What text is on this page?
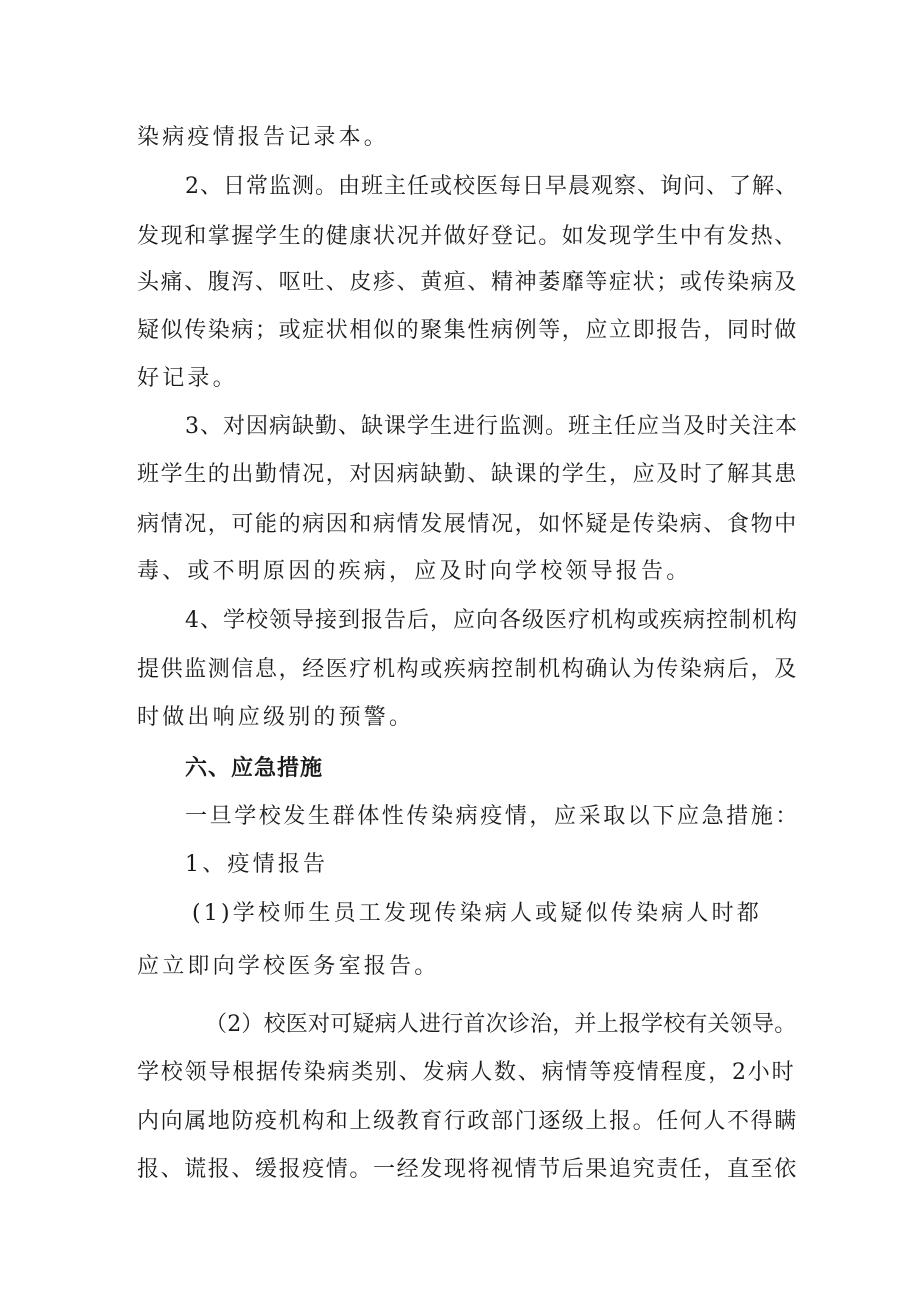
染病疫情报告记录本。
2、日常监测。由班主任或校医每日早晨观察、询问、了解、
发现和掌握学生的健康状况并做好登记。如发现学生中有发热、
头痛、腹泻、呕吐、皮疹、黄疸、精神萎靡等症状；或传染病及
疑似传染病；或症状相似的聚集性病例等，应立即报告，同时做
好记录。
3、对因病缺勤、缺课学生进行监测。班主任应当及时关注本
班学生的出勤情况，对因病缺勤、缺课的学生，应及时了解其患
病情况，可能的病因和病情发展情况，如怀疑是传染病、食物中
毒、或不明原因的疾病，应及时向学校领导报告。
4、学校领导接到报告后，应向各级医疗机构或疾病控制机构
提供监测信息，经医疗机构或疾病控制机构确认为传染病后，及
时做出响应级别的预警。
六、应急措施
一旦学校发生群体性传染病疫情，应采取以下应急措施：
1、疫情报告
(1)学校师生员工发现传染病人或疑似传染病人时都
应立即向学校医务室报告。
（2）校医对可疑病人进行首次诊治，并上报学校有关领导。
学校领导根据传染病类别、发病人数、病情等疫情程度，2小时
内向属地防疫机构和上级教育行政部门逐级上报。任何人不得瞒
报、谎报、缓报疫情。一经发现将视情节后果追究责任，直至依
